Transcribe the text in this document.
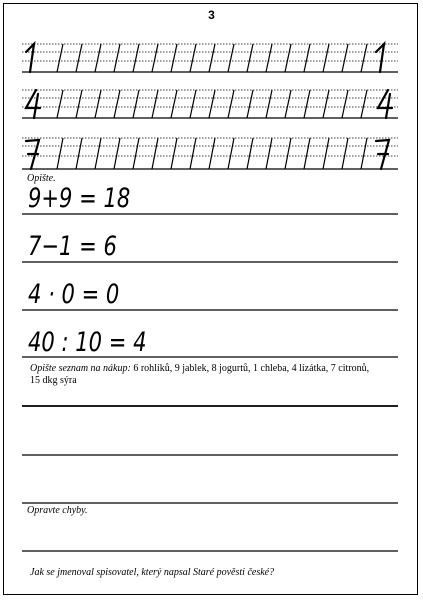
3
Opište.
9+9 = 18
7−1 = 6
4 · 0 = 0
40 : 10 = 4
Opište seznam na nákup: 6 rohlíků, 9 jablek, 8 jogurtů, 1 chleba, 4 lízátka, 7 citronů,
15 dkg sýra
Opravte chyby.
Jak se jmenoval spisovatel, který napsal Staré pověsti české?
